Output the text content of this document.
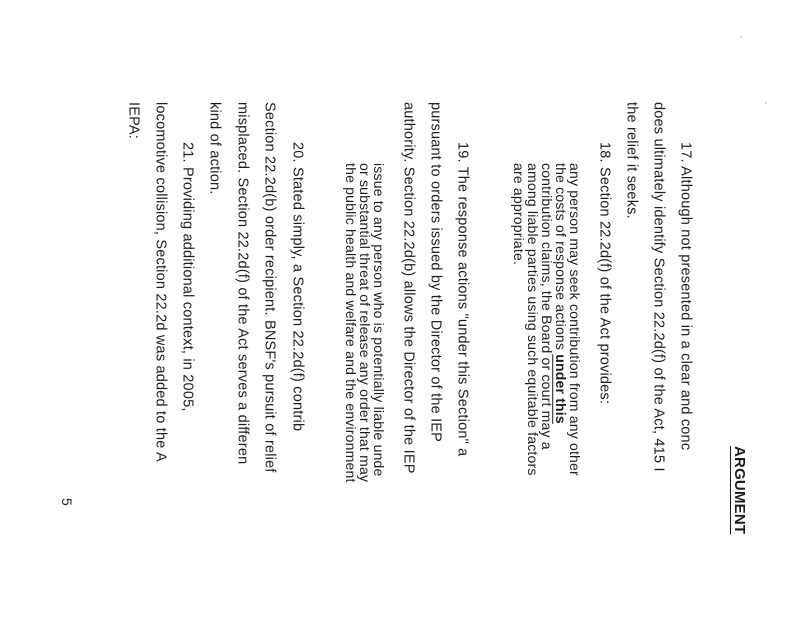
ARGUMENT
17. Although not presented in a clear and conc
does ultimately identify Section 22.2d(f) of the Act, 415 I
the relief it seeks.
18. Section 22.2d(f) of the Act provides:
any person may seek contribution from any other
the costs of response actions under this
contribution claims, the Board or court may a
among liable parties using such equitable factors
are appropriate.
19. The response actions "under this Section" a
pursuant to orders issued by the Director of the IEP
authority. Section 22.2d(b) allows the Director of the IEP
issue to any person who is potentially liable unde
or substantial threat of release any order that may
the public health and welfare and the environment
20. Stated simply, a Section 22.2d(f) contrib
Section 22.2d(b) order recipient. BNSF's pursuit of relief
misplaced. Section 22.2d(f) of the Act serves a differen
kind of action.
21. Providing additional context, in 2005,
locomotive collision, Section 22.2d was added to the A
IEPA:
5
